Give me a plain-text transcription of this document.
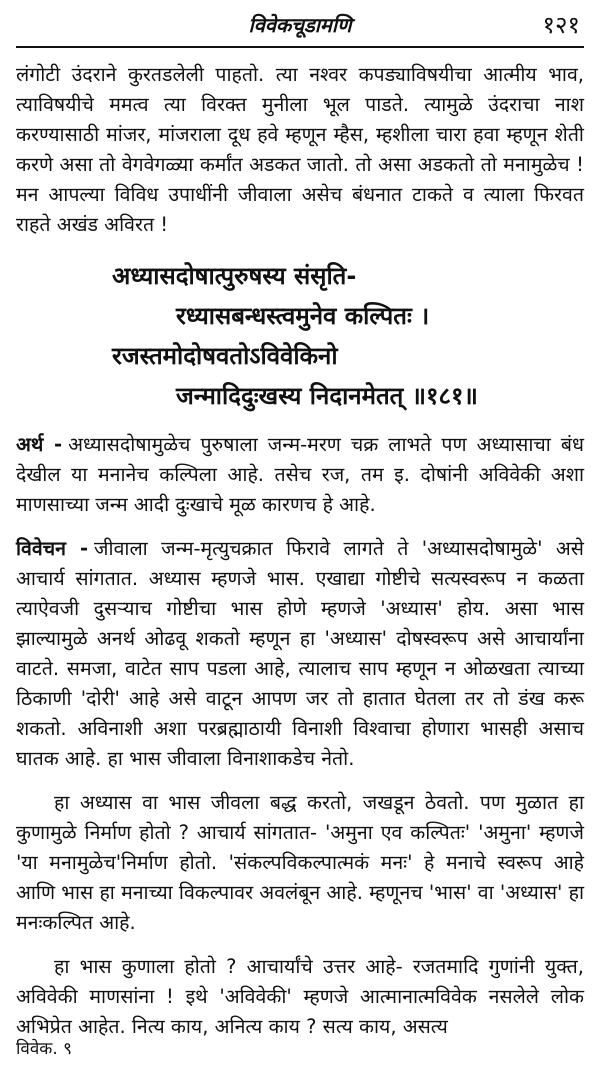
विवेकचूडामणि	१२१

लंगोटी उंदराने कुरतडलेली पाहतो. त्या नश्वर कपड्याविषयीचा आत्मीय भाव, त्याविषयीचे ममत्व त्या विरक्त मुनीला भूल पाडते. त्यामुळे उंदराचा नाश करण्यासाठी मांजर, मांजराला दूध हवे म्हणून म्हैस, म्हशीला चारा हवा म्हणून शेती करणे असा तो वेगवेगळ्या कर्मांत अडकत जातो. तो असा अडकतो तो मनामुळेच ! मन आपल्या विविध उपाधींनी जीवाला असेच बंधनात टाकते व त्याला फिरवत राहते अखंड अविरत !

अध्यासदोषात्पुरुषस्य संसृति-
रध्यासबन्धस्त्वमुनेव कल्पितः ।
रजस्तमोदोषवतोऽविवेकिनो
जन्मादिदुःखस्य निदानमेतत् ॥१८१॥

अर्थ - अध्यासदोषामुळेच पुरुषाला जन्म-मरण चक्र लाभते पण अध्यासाचा बंध देखील या मनानेच कल्पिला आहे. तसेच रज, तम इ. दोषांनी अविवेकी अशा माणसाच्या जन्म आदी दुःखाचे मूळ कारणच हे आहे.

विवेचन - जीवाला जन्म-मृत्युचक्रात फिरावे लागते ते 'अध्यासदोषामुळे' असे आचार्य सांगतात. अध्यास म्हणजे भास. एखाद्या गोष्टीचे सत्यस्वरूप न कळता त्याऐवजी दुसऱ्याच गोष्टीचा भास होणे म्हणजे 'अध्यास' होय. असा भास झाल्यामुळे अनर्थ ओढवू शकतो म्हणून हा 'अध्यास' दोषस्वरूप असे आचार्यांना वाटते. समजा, वाटेत साप पडला आहे, त्यालाच साप म्हणून न ओळखता त्याच्या ठिकाणी 'दोरी' आहे असे वाटून आपण जर तो हातात घेतला तर तो डंख करू शकतो. अविनाशी अशा परब्रह्माठायी विनाशी विश्वाचा होणारा भासही असाच घातक आहे. हा भास जीवाला विनाशाकडेच नेतो.

हा अध्यास वा भास जीवला बद्ध करतो, जखडून ठेवतो. पण मुळात हा कुणामुळे निर्माण होतो ? आचार्य सांगतात- 'अमुना एव कल्पितः' 'अमुना' म्हणजे 'या मनामुळेच'निर्माण होतो. 'संकल्पविकल्पात्मकं मनः' हे मनाचे स्वरूप आहे आणि भास हा मनाच्या विकल्पावर अवलंबून आहे. म्हणूनच 'भास' वा 'अध्यास' हा मनःकल्पित आहे.

हा भास कुणाला होतो ? आचार्यांचे उत्तर आहे- रजतमादि गुणांनी युक्त, अविवेकी माणसांना ! इथे 'अविवेकी' म्हणजे आत्मानात्मविवेक नसलेले लोक अभिप्रेत आहेत. नित्य काय, अनित्य काय ? सत्य काय, असत्य

विवेक. ९
